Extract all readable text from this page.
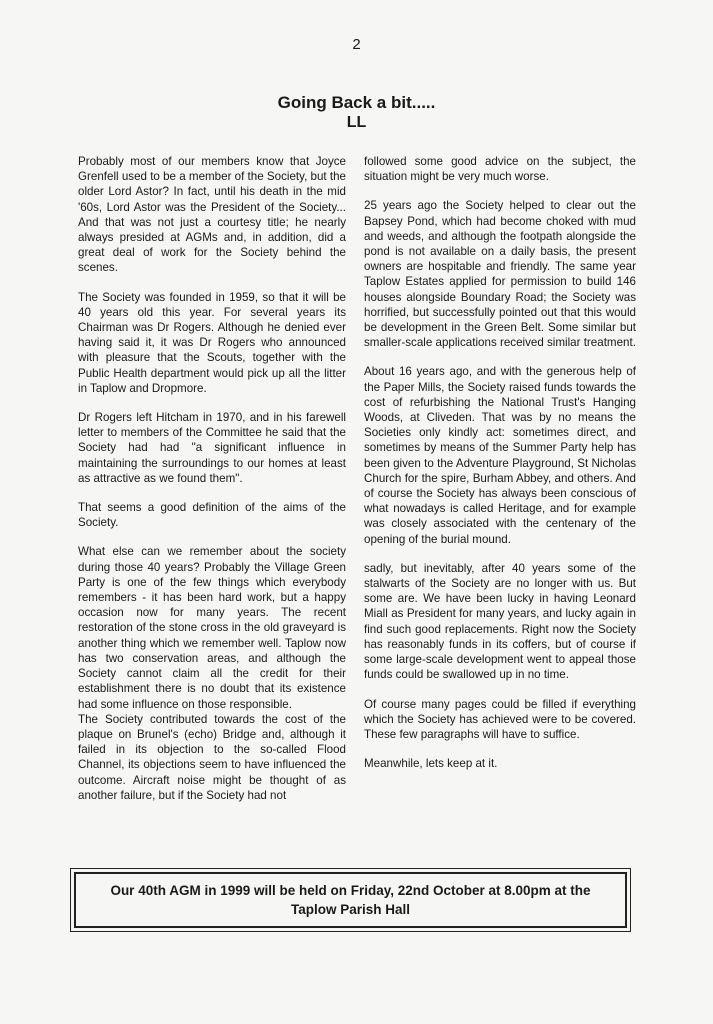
2
Going Back a bit.....
LL

Probably most of our members know that Joyce Grenfell used to be a member of the Society, but the older Lord Astor? In fact, until his death in the mid '60s, Lord Astor was the President of the Society... And that was not just a courtesy title; he nearly always presided at AGMs and, in addition, did a great deal of work for the Society behind the scenes.

The Society was founded in 1959, so that it will be 40 years old this year. For several years its Chairman was Dr Rogers. Although he denied ever having said it, it was Dr Rogers who announced with pleasure that the Scouts, together with the Public Health department would pick up all the litter in Taplow and Dropmore.

Dr Rogers left Hitcham in 1970, and in his farewell letter to members of the Committee he said that the Society had had "a significant influence in maintaining the surroundings to our homes at least as attractive as we found them".

That seems a good definition of the aims of the Society.

What else can we remember about the society during those 40 years? Probably the Village Green Party is one of the few things which everybody remembers - it has been hard work, but a happy occasion now for many years. The recent restoration of the stone cross in the old graveyard is another thing which we remember well. Taplow now has two conservation areas, and although the Society cannot claim all the credit for their establishment there is no doubt that its existence had some influence on those responsible.

The Society contributed towards the cost of the plaque on Brunel's (echo) Bridge and, although it failed in its objection to the so-called Flood Channel, its objections seem to have influenced the outcome. Aircraft noise might be thought of as another failure, but if the Society had not

followed some good advice on the subject, the situation might be very much worse.

25 years ago the Society helped to clear out the Bapsey Pond, which had become choked with mud and weeds, and although the footpath alongside the pond is not available on a daily basis, the present owners are hospitable and friendly. The same year Taplow Estates applied for permission to build 146 houses alongside Boundary Road; the Society was horrified, but successfully pointed out that this would be development in the Green Belt. Some similar but smaller-scale applications received similar treatment.

About 16 years ago, and with the generous help of the Paper Mills, the Society raised funds towards the cost of refurbishing the National Trust's Hanging Woods, at Cliveden. That was by no means the Societies only kindly act: sometimes direct, and sometimes by means of the Summer Party help has been given to the Adventure Playground, St Nicholas Church for the spire, Burham Abbey, and others. And of course the Society has always been conscious of what nowadays is called Heritage, and for example was closely associated with the centenary of the opening of the burial mound.

sadly, but inevitably, after 40 years some of the stalwarts of the Society are no longer with us. But some are. We have been lucky in having Leonard Miall as President for many years, and lucky again in find such good replacements. Right now the Society has reasonably funds in its coffers, but of course if some large-scale development went to appeal those funds could be swallowed up in no time.

Of course many pages could be filled if everything which the Society has achieved were to be covered. These few paragraphs will have to suffice.

Meanwhile, lets keep at it.

Our 40th AGM in 1999 will be held on Friday, 22nd October at 8.00pm at the Taplow Parish Hall
